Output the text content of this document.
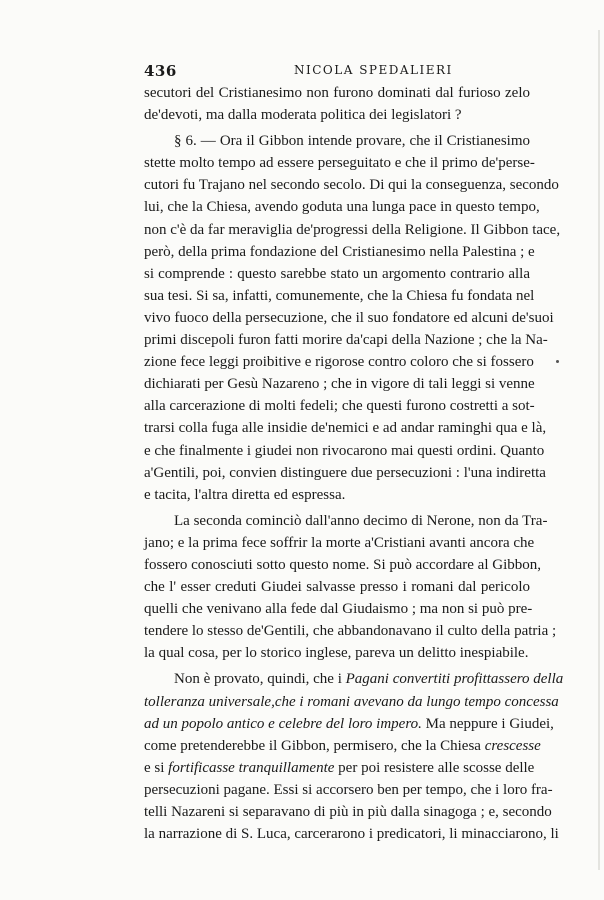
436	NICOLA SPEDALIERI
secutori del Cristianesimo non furono dominati dal furioso zelo
de'devoti, ma dalla moderata politica dei legislatori ?
§ 6. — Ora il Gibbon intende provare, che il Cristianesimo
stette molto tempo ad essere perseguitato e che il primo de'perse-
cutori fu Trajano nel secondo secolo. Di qui la conseguenza, secondo
lui, che la Chiesa, avendo goduta una lunga pace in questo tempo,
non c'è da far meraviglia de'progressi della Religione. Il Gibbon tace,
però, della prima fondazione del Cristianesimo nella Palestina ; e
si comprende : questo sarebbe stato un argomento contrario alla
sua tesi. Si sa, infatti, comunemente, che la Chiesa fu fondata nel
vivo fuoco della persecuzione, che il suo fondatore ed alcuni de'suoi
primi discepoli furon fatti morire da'capi della Nazione ; che la Na-
zione fece leggi proibitive e rigorose contro coloro che si fossero
dichiarati per Gesù Nazareno ; che in vigore di tali leggi si venne
alla carcerazione di molti fedeli; che questi furono costretti a sot-
trarsi colla fuga alle insidie de'nemici e ad andar raminghi qua e là,
e che finalmente i giudei non rivocarono mai questi ordini. Quanto
a'Gentili, poi, convien distinguere due persecuzioni : l'una indiretta
e tacita, l'altra diretta ed espressa.
La seconda cominciò dall'anno decimo di Nerone, non da Tra-
jano; e la prima fece soffrir la morte a'Cristiani avanti ancora che
fossero conosciuti sotto questo nome. Si può accordare al Gibbon,
che l' esser creduti Giudei salvasse presso i romani dal pericolo
quelli che venivano alla fede dal Giudaismo ; ma non si può pre-
tendere lo stesso de'Gentili, che abbandonavano il culto della patria ;
la qual cosa, per lo storico inglese, pareva un delitto inespiabile.
Non è provato, quindi, che i Pagani convertiti profittassero della
tolleranza universale,che i romani avevano da lungo tempo concessa
ad un popolo antico e celebre del loro impero. Ma neppure i Giudei,
come pretenderebbe il Gibbon, permisero, che la Chiesa crescesse
e si fortificasse tranquillamente per poi resistere alle scosse delle
persecuzioni pagane. Essi si accorsero ben per tempo, che i loro fra-
telli Nazareni si separavano di più in più dalla sinagoga ; e, secondo
la narrazione di S. Luca, carcerarono i predicatori, li minacciarono, li
